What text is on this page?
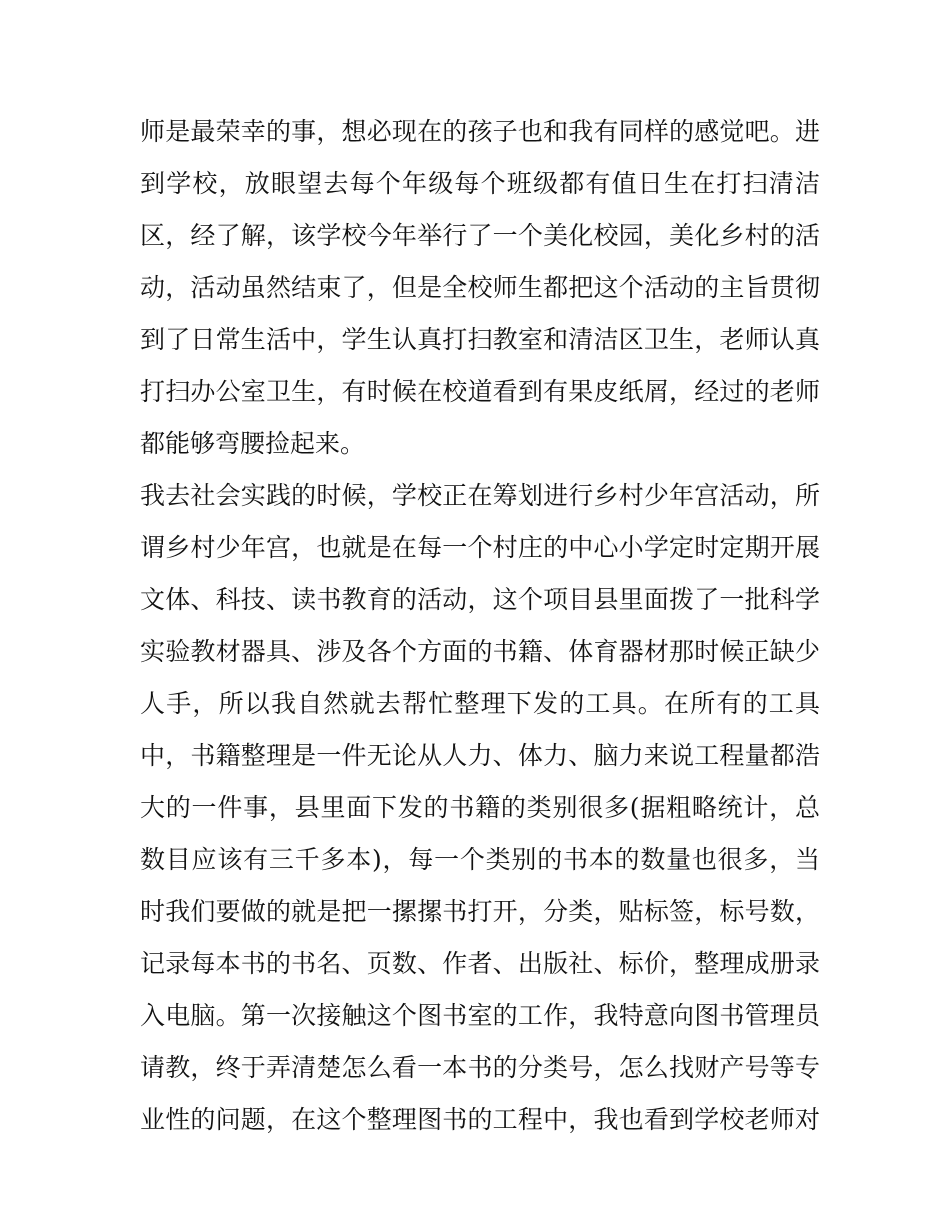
师是最荣幸的事，想必现在的孩子也和我有同样的感觉吧。进

到学校，放眼望去每个年级每个班级都有值日生在打扫清洁

区，经了解，该学校今年举行了一个美化校园，美化乡村的活

动，活动虽然结束了，但是全校师生都把这个活动的主旨贯彻

到了日常生活中，学生认真打扫教室和清洁区卫生，老师认真

打扫办公室卫生，有时候在校道看到有果皮纸屑，经过的老师

都能够弯腰捡起来。

我去社会实践的时候，学校正在筹划进行乡村少年宫活动，所

谓乡村少年宫，也就是在每一个村庄的中心小学定时定期开展

文体、科技、读书教育的活动，这个项目县里面拨了一批科学

实验教材器具、涉及各个方面的书籍、体育器材那时候正缺少

人手，所以我自然就去帮忙整理下发的工具。在所有的工具

中，书籍整理是一件无论从人力、体力、脑力来说工程量都浩

大的一件事，县里面下发的书籍的类别很多(据粗略统计，总

数目应该有三千多本)，每一个类别的书本的数量也很多，当

时我们要做的就是把一摞摞书打开，分类，贴标签，标号数，

记录每本书的书名、页数、作者、出版社、标价，整理成册录

入电脑。第一次接触这个图书室的工作，我特意向图书管理员

请教，终于弄清楚怎么看一本书的分类号，怎么找财产号等专

业性的问题，在这个整理图书的工程中，我也看到学校老师对
